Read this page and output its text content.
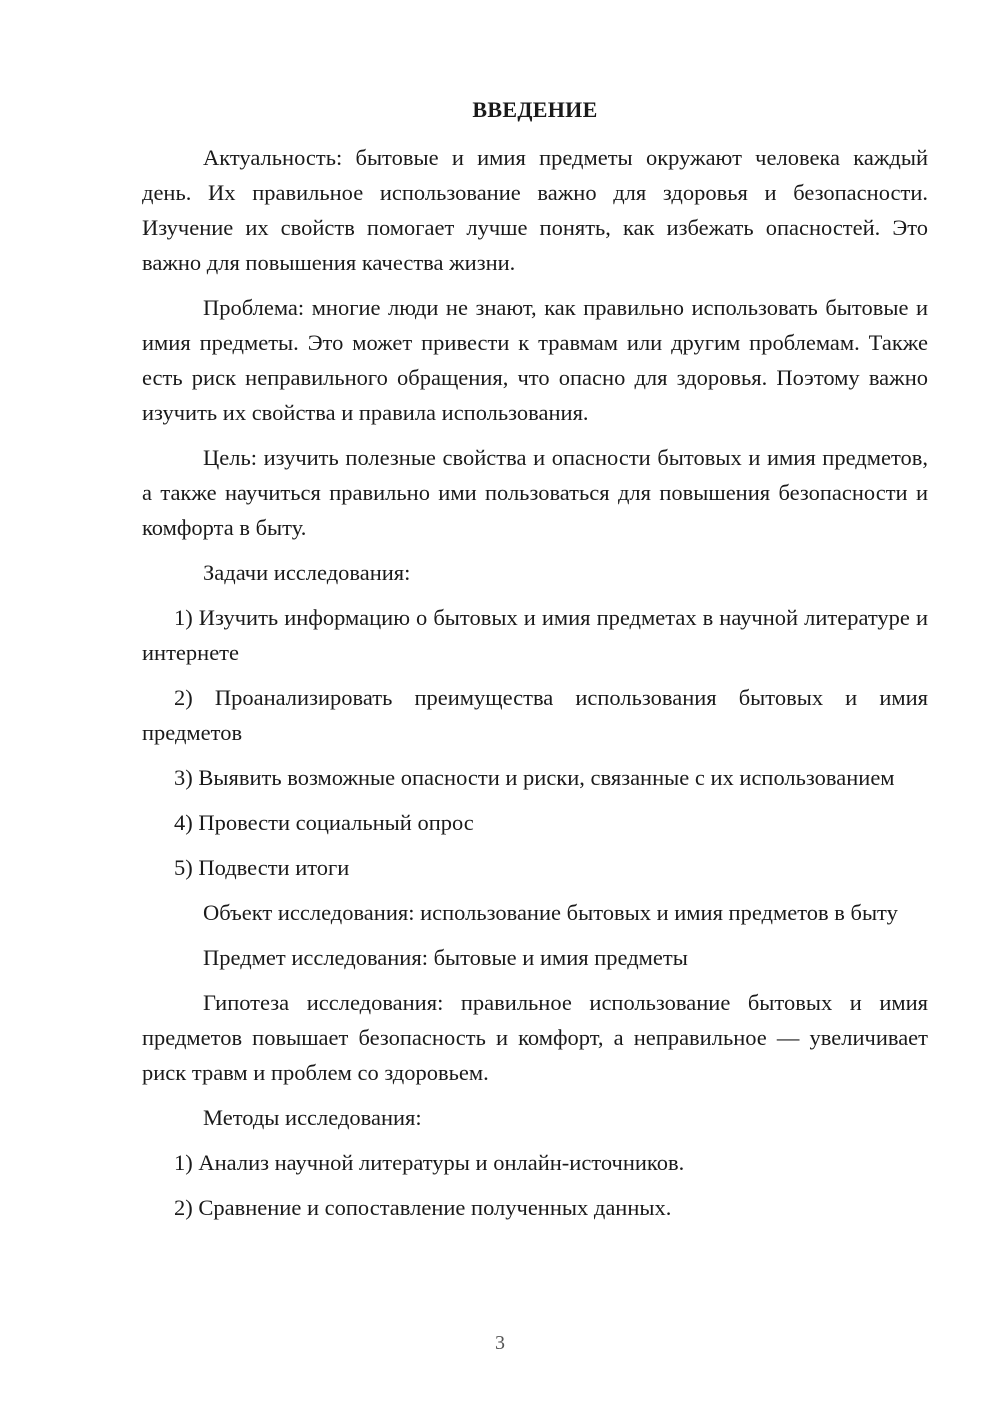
ВВЕДЕНИЕ

Актуальность: бытовые и имия предметы окружают человека каждый день. Их правильное использование важно для здоровья и безопасности. Изучение их свойств помогает лучше понять, как избежать опасностей. Это важно для повышения качества жизни.

Проблема: многие люди не знают, как правильно использовать бытовые и имия предметы. Это может привести к травмам или другим проблемам. Также есть риск неправильного обращения, что опасно для здоровья. Поэтому важно изучить их свойства и правила использования.

Цель: изучить полезные свойства и опасности бытовых и имия предметов, а также научиться правильно ими пользоваться для повышения безопасности и комфорта в быту.

Задачи исследования:

1) Изучить информацию о бытовых и имия предметах в научной литературе и интернете

2) Проанализировать преимущества использования бытовых и имия предметов

3) Выявить возможные опасности и риски, связанные с их использованием

4) Провести социальный опрос

5) Подвести итоги

Объект исследования: использование бытовых и имия предметов в быту

Предмет исследования: бытовые и имия предметы

Гипотеза исследования: правильное использование бытовых и имия предметов повышает безопасность и комфорт, а неправильное — увеличивает риск травм и проблем со здоровьем.

Методы исследования:

1) Анализ научной литературы и онлайн-источников.

2) Сравнение и сопоставление полученных данных.

3
